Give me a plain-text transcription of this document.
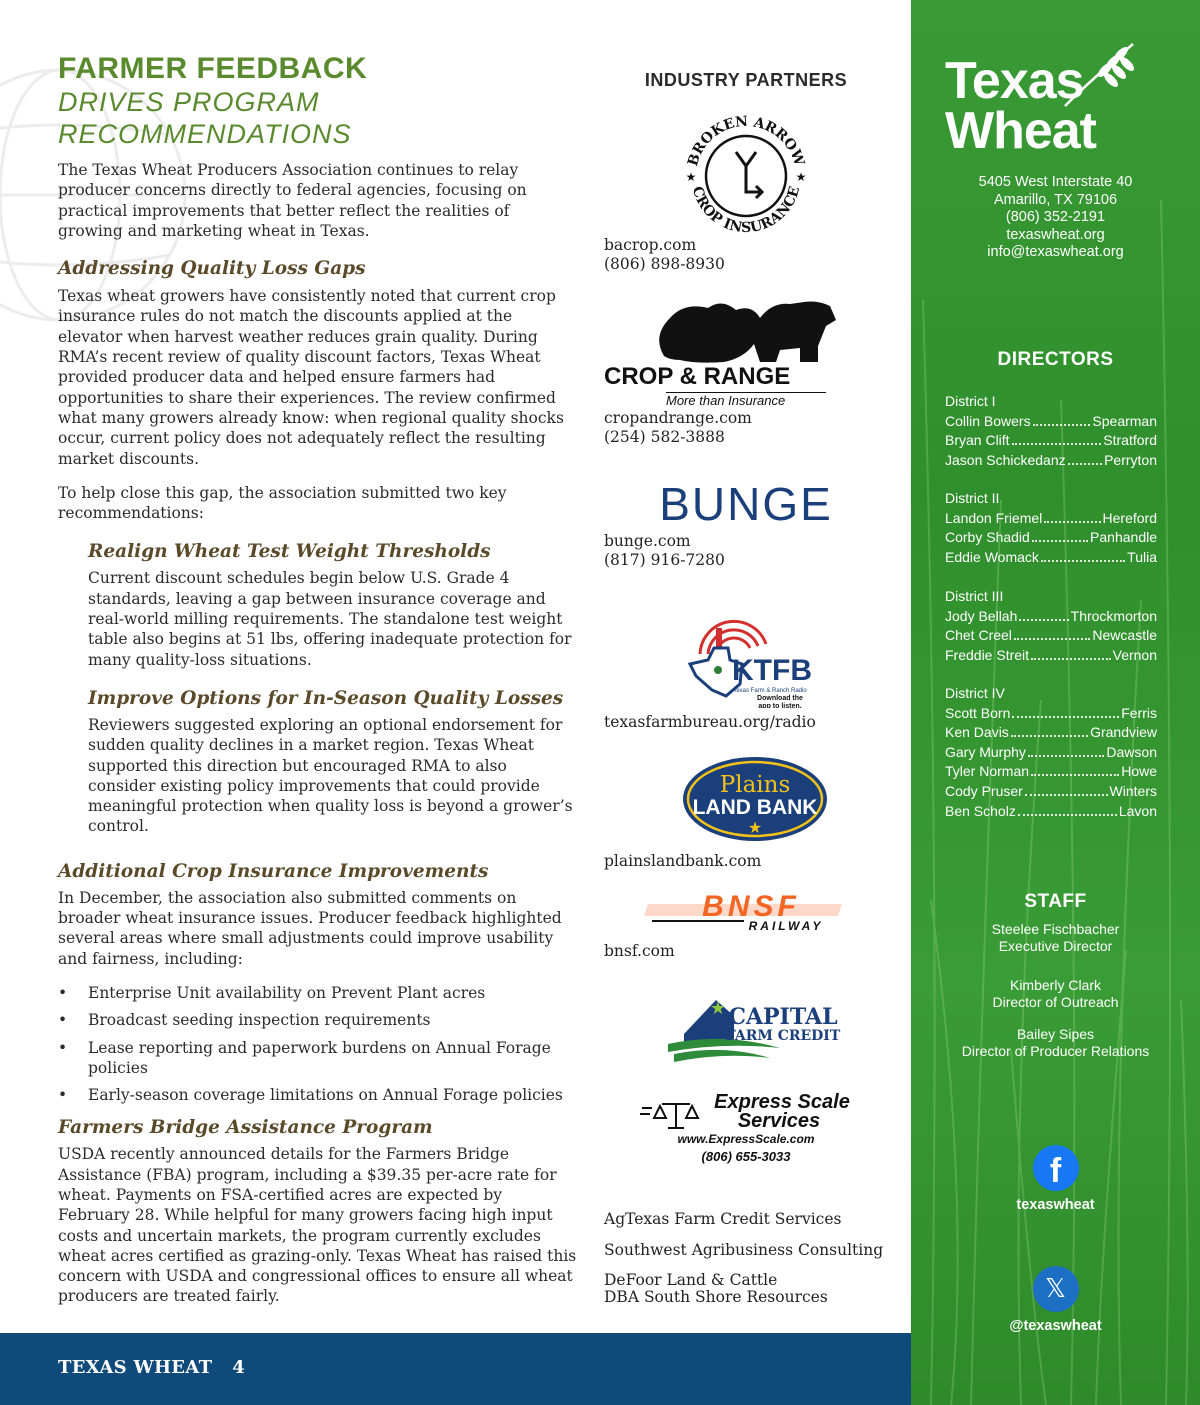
FARMER FEEDBACK
DRIVES PROGRAM RECOMMENDATIONS

The Texas Wheat Producers Association continues to relay producer concerns directly to federal agencies, focusing on practical improvements that better reflect the realities of growing and marketing wheat in Texas.

Addressing Quality Loss Gaps

Texas wheat growers have consistently noted that current crop insurance rules do not match the discounts applied at the elevator when harvest weather reduces grain quality. During RMA’s recent review of quality discount factors, Texas Wheat provided producer data and helped ensure farmers had opportunities to share their experiences. The review confirmed what many growers already know: when regional quality shocks occur, current policy does not adequately reflect the resulting market discounts.

To help close this gap, the association submitted two key recommendations:

Realign Wheat Test Weight Thresholds

Current discount schedules begin below U.S. Grade 4 standards, leaving a gap between insurance coverage and real-world milling requirements. The standalone test weight table also begins at 51 lbs, offering inadequate protection for many quality-loss situations.

Improve Options for In-Season Quality Losses

Reviewers suggested exploring an optional endorsement for sudden quality declines in a market region. Texas Wheat supported this direction but encouraged RMA to also consider existing policy improvements that could provide meaningful protection when quality loss is beyond a grower’s control.

Additional Crop Insurance Improvements

In December, the association also submitted comments on broader wheat insurance issues. Producer feedback highlighted several areas where small adjustments could improve usability and fairness, including:

• Enterprise Unit availability on Prevent Plant acres
• Broadcast seeding inspection requirements
• Lease reporting and paperwork burdens on Annual Forage policies
• Early-season coverage limitations on Annual Forage policies
Farmers Bridge Assistance Program

USDA recently announced details for the Farmers Bridge Assistance (FBA) program, including a $39.35 per-acre rate for wheat. Payments on FSA-certified acres are expected by February 28. While helpful for many growers facing high input costs and uncertain markets, the program currently excludes wheat acres certified as grazing-only. Texas Wheat has raised this concern with USDA and congressional offices to ensure all wheat producers are treated fairly.

INDUSTRY PARTNERS
BROKEN ARROW
CROP INSURANCE
★	★
bacrop.com
(806) 898-8930
CROP & RANGE
More than Insurance
cropandrange.com
(254) 582-3888
BUNGE
bunge.com
(817) 916-7280
KTFB
Texas Farm & Ranch Radio
Download the
app to listen.
texasfarmbureau.org/radio
Plains
LAND BANK
★
plainslandbank.com
BNSF
RAILWAY
bnsf.com
★ CAPITAL
FARM CREDIT
Express Scale
Services
www.ExpressScale.com
(806) 655-3033
AgTexas Farm Credit Services
Southwest Agribusiness Consulting
DeFoor Land & Cattle
DBA South Shore Resources
Texas
Wheat
5405 West Interstate 40
Amarillo, TX 79106
(806) 352-2191
texaswheat.org
info@texaswheat.org
DIRECTORS
District I
Collin Bowers	Spearman
Bryan Clift	Stratford
Jason Schickedanz	Perryton
District II
Landon Friemel	Hereford
Corby Shadid	Panhandle
Eddie Womack	Tulia
District III
Jody Bellah	Throckmorton
Chet Creel	Newcastle
Freddie Streit	Vernon
District IV
Scott Born	Ferris
Ken Davis	Grandview
Gary Murphy	Dawson
Tyler Norman	Howe
Cody Pruser	Winters
Ben Scholz	Lavon
STAFF
Steelee Fischbacher
Executive Director
Kimberly Clark
Director of Outreach
Bailey Sipes
Director of Producer Relations
f
texaswheat
𝕏
@texaswheat
TEXAS WHEAT 4
